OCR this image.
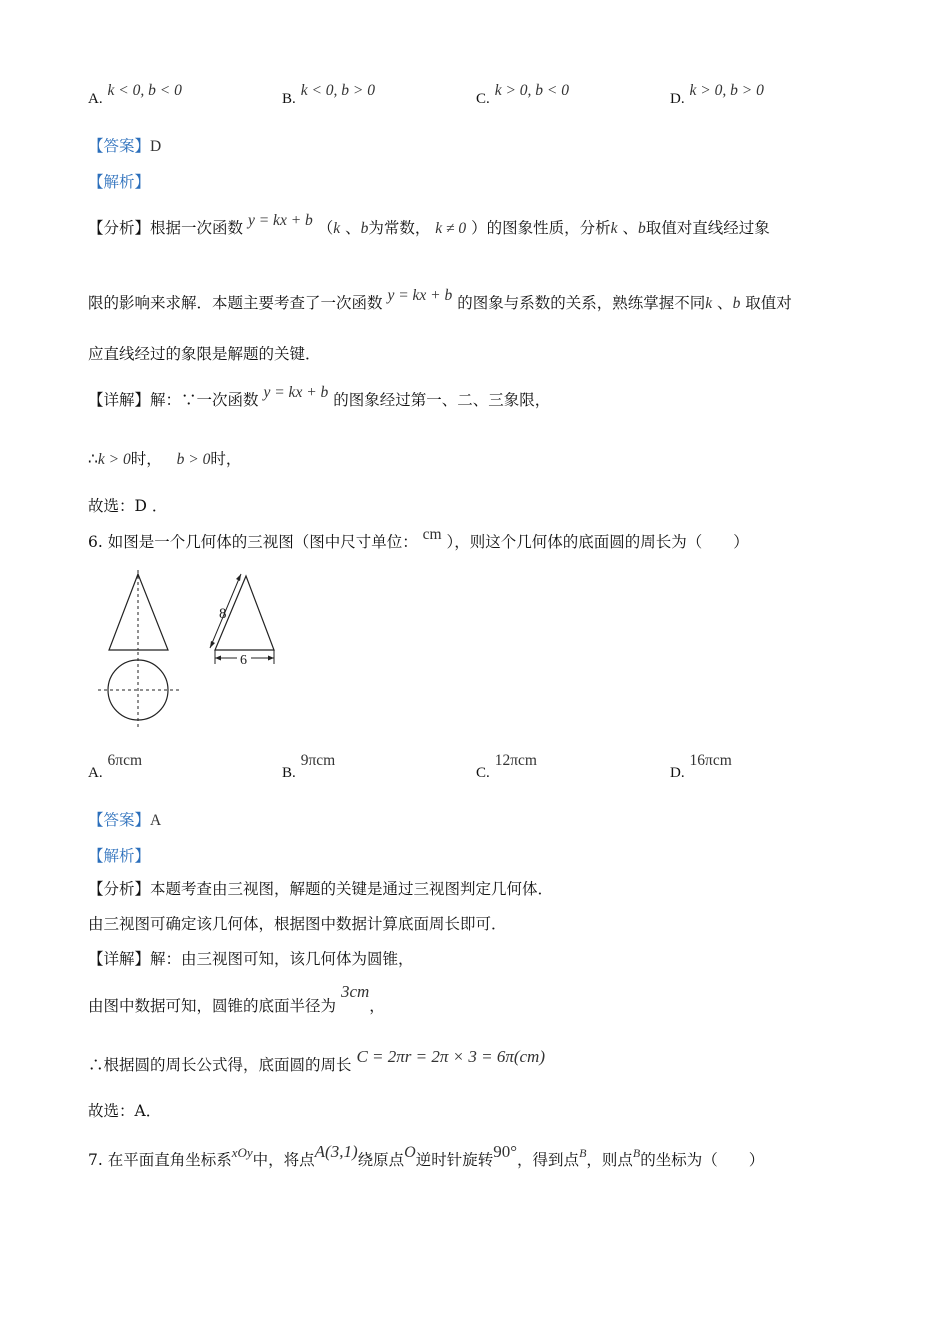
A. k < 0, b < 0	B. k < 0, b > 0	C. k > 0, b < 0	D. k > 0, b > 0
【答案】D
【解析】
【分析】根据一次函数 y = kx + b （k 、b为常数， k ≠ 0 ）的图象性质，分析k 、b取值对直线经过象
限的影响来求解．本题主要考查了一次函数 y = kx + b 的图象与系数的关系，熟练掌握不同k 、b 取值对
应直线经过的象限是解题的关键．
【详解】解：∵一次函数 y = kx + b 的图象经过第一、二、三象限，
∴k > 0时， b > 0时，
故选：D ．
6. 如图是一个几何体的三视图（图中尺寸单位： cm ），则这个几何体的底面圆的周长为（　　）
8
6
A. 6πcm
B. 9πcm
C. 12πcm
D. 16πcm
【答案】A
【解析】
【分析】本题考查由三视图，解题的关键是通过三视图判定几何体．
由三视图可确定该几何体，根据图中数据计算底面周长即可．
【详解】解：由三视图可知，该几何体为圆锥，
由图中数据可知，圆锥的底面半径为 3cm，
∴根据圆的周长公式得，底面圆的周长 C = 2πr = 2π × 3 = 6π(cm)
故选：A．
7. 在平面直角坐标系$^{xOy}$中，将点A(3,1)绕原点O逆时针旋转90°，得到点$^B$，则点$^B$的坐标为（　　）
